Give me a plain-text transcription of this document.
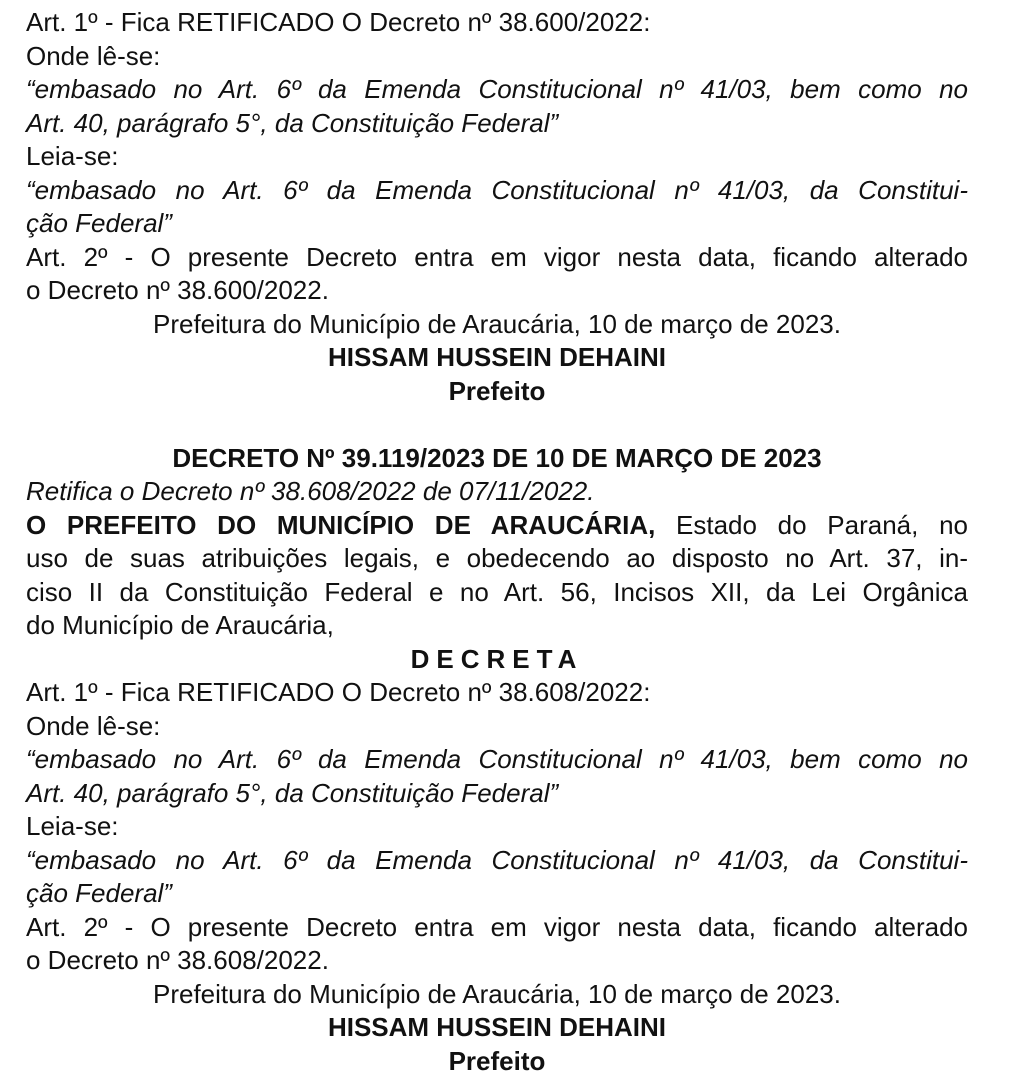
Art. 1º - Fica RETIFICADO O Decreto nº 38.600/2022:
Onde lê-se:
“embasado no Art. 6º da Emenda Constitucional nº 41/03, bem como no
Art. 40, parágrafo 5°, da Constituição Federal”
Leia-se:
“embasado no Art. 6º da Emenda Constitucional nº 41/03, da Constitui-
ção Federal”
Art. 2º - O presente Decreto entra em vigor nesta data, ficando alterado
o Decreto nº 38.600/2022.
Prefeitura do Município de Araucária, 10 de março de 2023.
HISSAM HUSSEIN DEHAINI
Prefeito
DECRETO Nº 39.119/2023 DE 10 DE MARÇO DE 2023
Retifica o Decreto nº 38.608/2022 de 07/11/2022.
O PREFEITO DO MUNICÍPIO DE ARAUCÁRIA, Estado do Paraná, no
uso de suas atribuições legais, e obedecendo ao disposto no Art. 37, in-
ciso II da Constituição Federal e no Art. 56, Incisos XII, da Lei Orgânica
do Município de Araucária,
DECRETA
Art. 1º - Fica RETIFICADO O Decreto nº 38.608/2022:
Onde lê-se:
“embasado no Art. 6º da Emenda Constitucional nº 41/03, bem como no
Art. 40, parágrafo 5°, da Constituição Federal”
Leia-se:
“embasado no Art. 6º da Emenda Constitucional nº 41/03, da Constitui-
ção Federal”
Art. 2º - O presente Decreto entra em vigor nesta data, ficando alterado
o Decreto nº 38.608/2022.
Prefeitura do Município de Araucária, 10 de março de 2023.
HISSAM HUSSEIN DEHAINI
Prefeito
